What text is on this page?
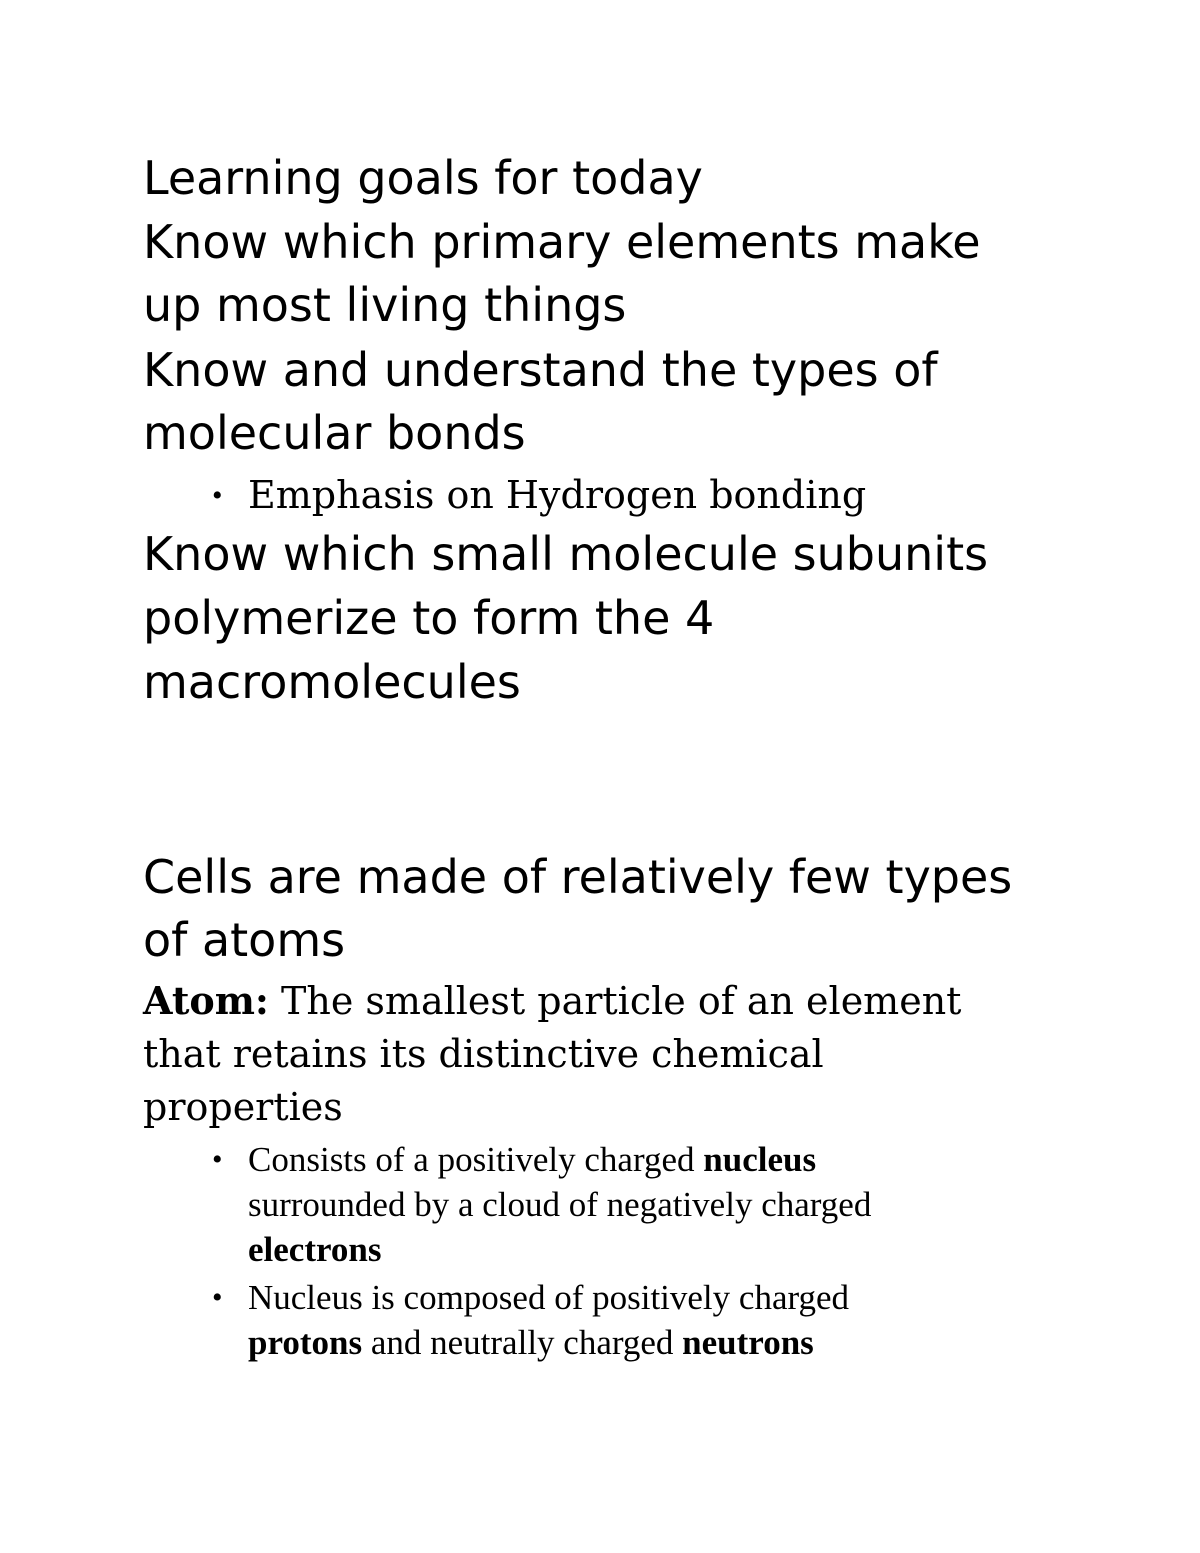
Learning goals for today

Know which primary elements make

up most living things

Know and understand the types of

molecular bonds

• Emphasis on Hydrogen bonding

Know which small molecule subunits

polymerize to form the 4

macromolecules

Cells are made of relatively few types

of atoms

Atom: The smallest particle of an element

that retains its distinctive chemical

properties

• Consists of a positively charged nucleus

surrounded by a cloud of negatively charged

electrons

• Nucleus is composed of positively charged

protons and neutrally charged neutrons
